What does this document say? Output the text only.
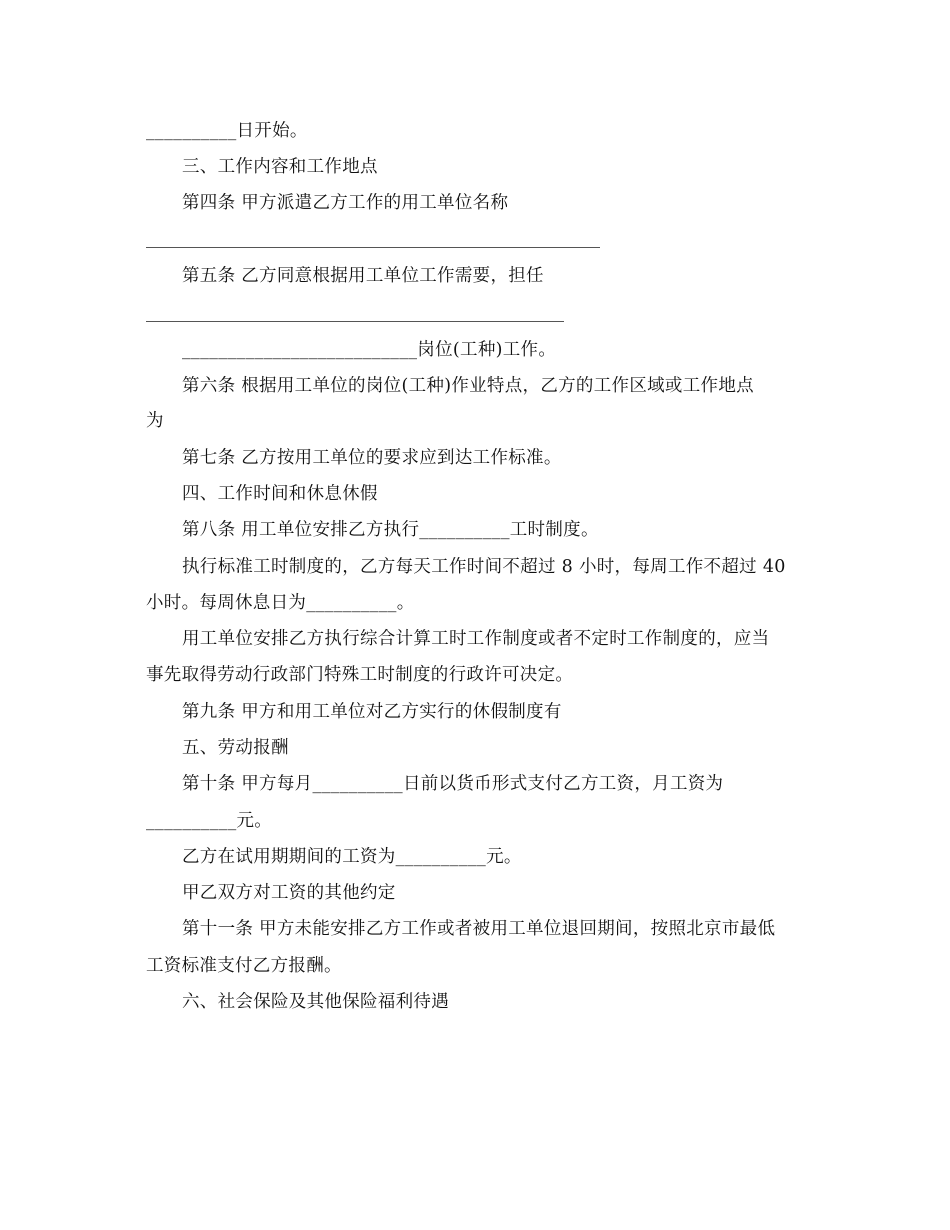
__________日开始。
三、工作内容和工作地点
第四条 甲方派遣乙方工作的用工单位名称
第五条 乙方同意根据用工单位工作需要，担任
__________________________岗位(工种)工作。
第六条 根据用工单位的岗位(工种)作业特点，乙方的工作区域或工作地点
为
第七条 乙方按用工单位的要求应到达工作标准。
四、工作时间和休息休假
第八条 用工单位安排乙方执行__________工时制度。
执行标准工时制度的，乙方每天工作时间不超过 8 小时，每周工作不超过 40
小时。每周休息日为__________。
用工单位安排乙方执行综合计算工时工作制度或者不定时工作制度的，应当
事先取得劳动行政部门特殊工时制度的行政许可决定。
第九条 甲方和用工单位对乙方实行的休假制度有
五、劳动报酬
第十条 甲方每月__________日前以货币形式支付乙方工资，月工资为
__________元。
乙方在试用期期间的工资为__________元。
甲乙双方对工资的其他约定
第十一条 甲方未能安排乙方工作或者被用工单位退回期间，按照北京市最低
工资标准支付乙方报酬。
六、社会保险及其他保险福利待遇
